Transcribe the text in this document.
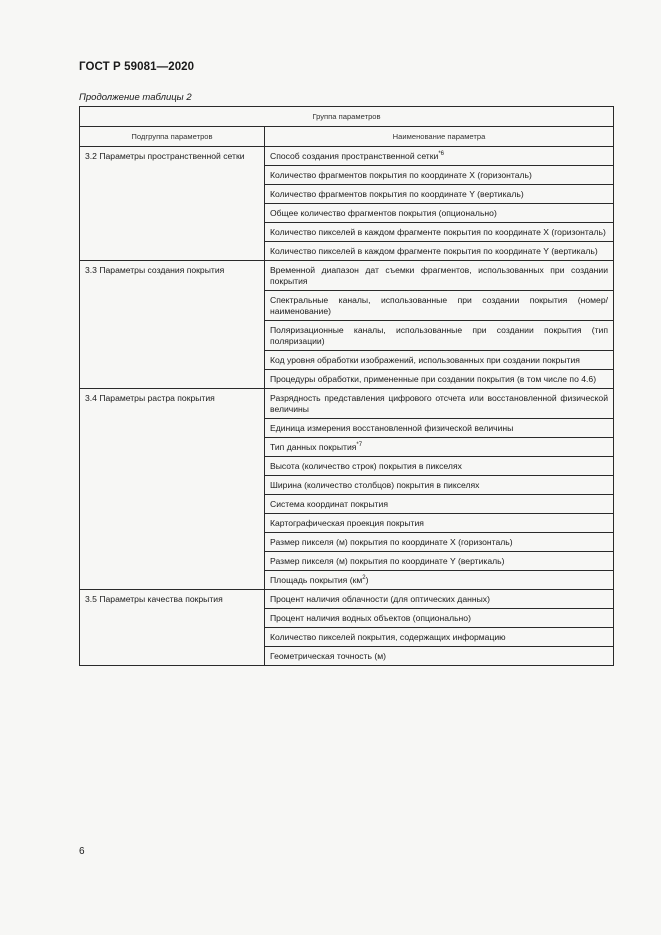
ГОСТ Р 59081—2020
Продолжение таблицы 2
Группа параметров	
Подгруппа параметров	Наименование параметра
3.2 Параметры пространственной сетки	Способ создания пространственной сетки$^{*6}$
	Количество фрагментов покрытия по координате X (горизонталь)
	Количество фрагментов покрытия по координате Y (вертикаль)
	Общее количество фрагментов покрытия (опционально)
	Количество пикселей в каждом фрагменте покрытия по координате X (горизонталь)
	Количество пикселей в каждом фрагменте покрытия по координате Y (вертикаль)
3.3 Параметры создания покрытия	Временной диапазон дат съемки фрагментов, использованных при создании покрытия
	Спектральные каналы, использованные при создании покрытия (номер/наименование)
	Поляризационные каналы, использованные при создании покрытия (тип поляризации)
	Код уровня обработки изображений, использованных при создании покрытия
	Процедуры обработки, примененные при создании покрытия (в том числе по 4.6)
3.4 Параметры растра покрытия	Разрядность представления цифрового отсчета или восстановленной физической величины
	Единица измерения восстановленной физической величины
	Тип данных покрытия$^{*7}$
	Высота (количество строк) покрытия в пикселях
	Ширина (количество столбцов) покрытия в пикселях
	Система координат покрытия
	Картографическая проекция покрытия
	Размер пикселя (м) покрытия по координате X (горизонталь)
	Размер пикселя (м) покрытия по координате Y (вертикаль)
	Площадь покрытия $(км^2)$
3.5 Параметры качества покрытия	Процент наличия облачности (для оптических данных)
	Процент наличия водных объектов (опционально)
	Количество пикселей покрытия, содержащих информацию
	Геометрическая точность (м)
6
